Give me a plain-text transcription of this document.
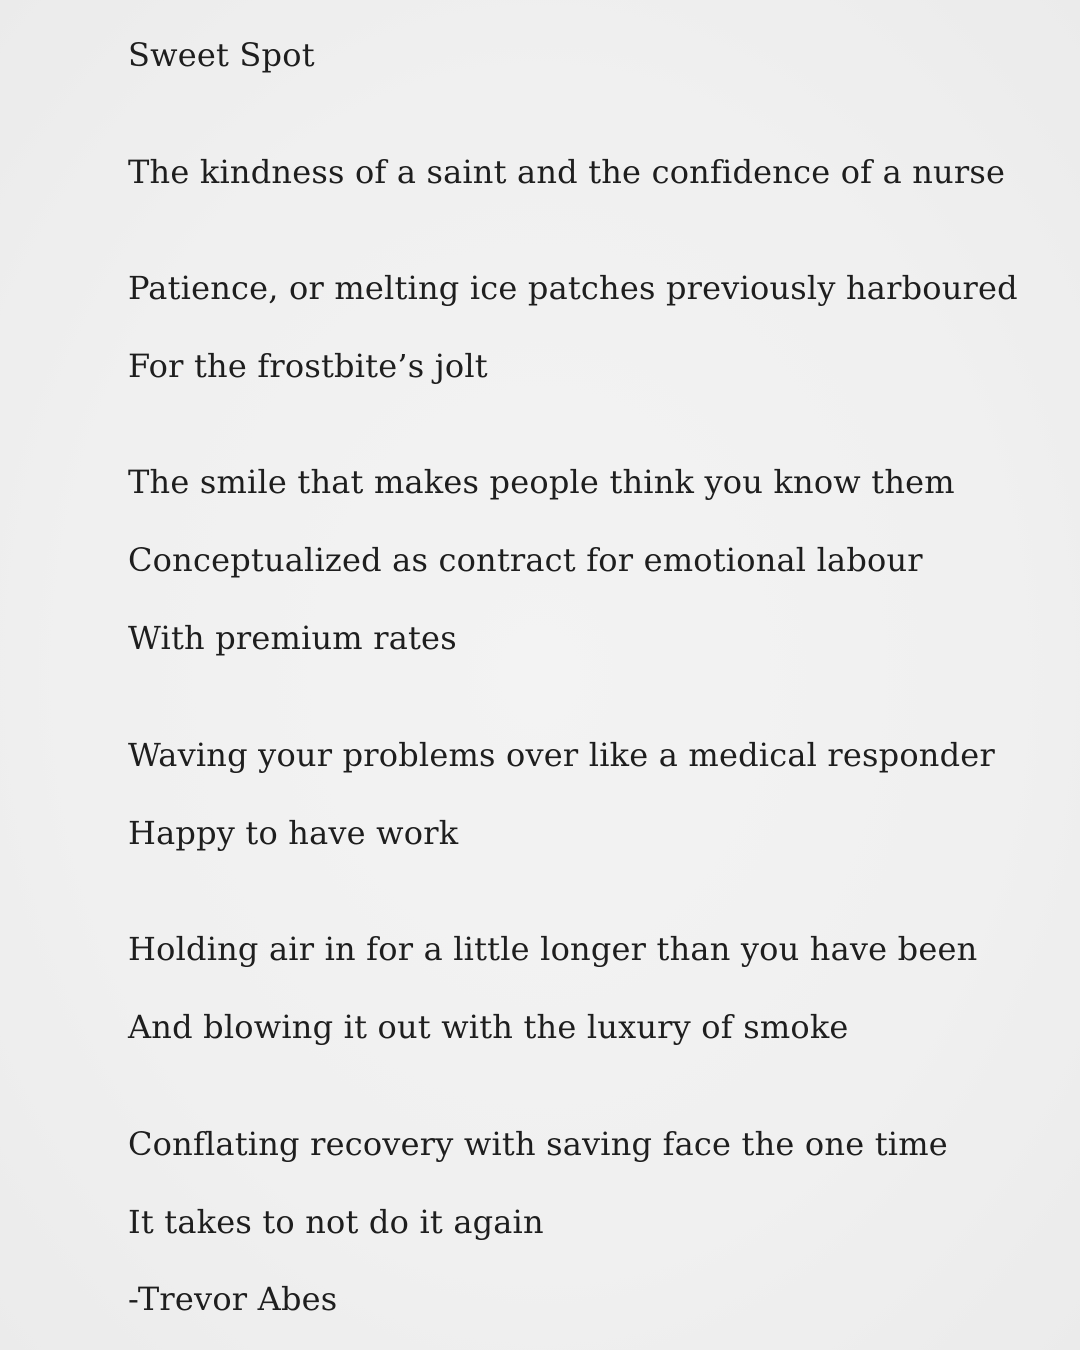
Sweet Spot

The kindness of a saint and the confidence of a nurse

Patience, or melting ice patches previously harboured

For the frostbite’s jolt

The smile that makes people think you know them

Conceptualized as contract for emotional labour

With premium rates

Waving your problems over like a medical responder

Happy to have work

Holding air in for a little longer than you have been

And blowing it out with the luxury of smoke

Conflating recovery with saving face the one time

It takes to not do it again

-Trevor Abes
